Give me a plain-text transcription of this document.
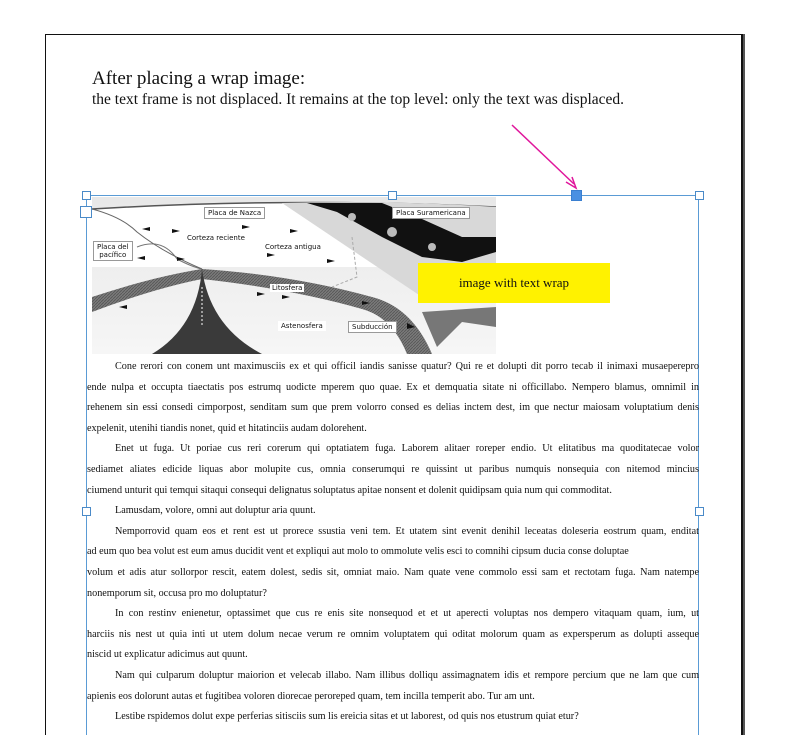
After placing a wrap image:
the text frame is not displaced. It remains at the top level: only the text was displaced.
Placa de Nazca	Placa Suramericana
Placa del
pacífico
Corteza reciente
Corteza antigua
Litosfera
Astenosfera	Subducción
image with text wrap
Cone rerori con conem unt maximusciis ex et qui officil iandis sanisse quatur? Qui re et dolupti dit porro tecab il inimaxi musaeperepro
ende nulpa et occupta tiaectatis pos estrumq uodicte mperem quo quae. Ex et demquatia sitate ni officillabo. Nempero blamus, omnimil in
rehenem sin essi consedi cimporpost, senditam sum que prem volorro consed es delias inctem dest, im que nectur maiosam voluptatium denis
expelenit, utenihi tiandis nonet, quid et hitatinciis audam dolorehent.
Enet ut fuga. Ut poriae cus reri corerum qui optatiatem fuga. Laborem alitaer roreper endio. Ut elitatibus ma quoditatecae volor
sediamet aliates edicide liquas abor molupite cus, omnia conserumqui re quissint ut paribus numquis nonsequia con nitemod mincius
ciumend unturit qui temqui sitaqui consequi delignatus soluptatus apitae nonsent et dolenit quidipsam quia num qui commoditat.
Lamusdam, volore, omni aut doluptur aria quunt.
Nemporrovid quam eos et rent est ut prorece ssustia veni tem. Et utatem sint evenit denihil leceatas doleseria eostrum quam, enditat
ad eum quo bea volut est eum amus ducidit vent et expliqui aut molo to ommolute velis esci to comnihi cipsum ducia conse doluptae
volum et adis atur sollorpor rescit, eatem dolest, sedis sit, omniat maio. Nam quate vene commolo essi sam et rectotam fuga. Nam natempe
nonemporum sit, occusa pro mo doluptatur?
In con restinv enienetur, optassimet que cus re enis site nonsequod et et ut aperecti voluptas nos dempero vitaquam quam, ium, ut
harciis nis nest ut quia inti ut utem dolum necae verum re omnim voluptatem qui oditat molorum quam as expersperum as dolupti asseque
niscid ut explicatur adicimus aut quunt.
Nam qui culparum doluptur maiorion et velecab illabo. Nam illibus dolliqu assimagnatem idis et rempore percium que ne lam que cum
apienis eos dolorunt autas et fugitibea voloren diorecae peroreped quam, tem incilla temperit abo. Tur am unt.
Lestibe rspidemos dolut expe perferias sitisciis sum lis ereicia sitas et ut laborest, od quis nos etustrum quiat etur?
